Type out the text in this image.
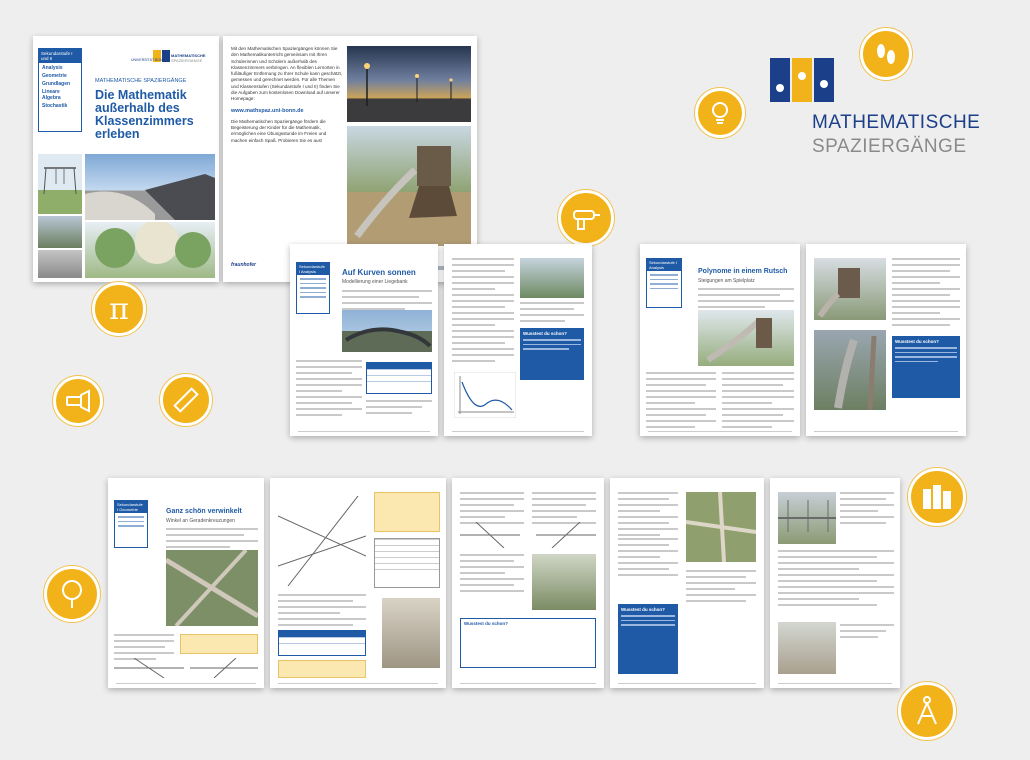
Sekundarstufe I und II
Analysis
Geometrie
Grundlagen
Lineare Algebra
Stochastik
UNIVERSITÄT BONN
MATHEMATISCHE
SPAZIERGÄNGE
MATHEMATISCHE SPAZIERGÄNGE
Die Mathematik
außerhalb des
Klassenzimmers
erleben
Mit den Mathematischen Spaziergängen können Sie den Mathematikunterricht gemeinsam mit Ihren Schülerinnen und Schülern außerhalb des Klassenzimmers verbringen. An flexiblen Lernorten in fußläufiger Entfernung zu Ihrer Schule kann geschätzt, gemessen und gerechnet werden. Für alle Themen und Klassenstufen (Sekundarstufe I und II) finden Sie die Aufgaben zum kostenlosen Download auf unserer Homepage:
www.mathspaz.uni-bonn.de
Die Mathematischen Spaziergänge fördern die Begeisterung der Kinder für die Mathematik, ermöglichen eine Übungsstunde im Freien und machen einfach Spaß. Probieren Sie es aus!
fraunhofer
MATHEMATISCHE
SPAZIERGÄNGE
π
Sekundarstufe I Analysis	Auf Kurven sonnen
Modellierung einer Liegebank
Wusstest du schon?
Sekundarstufe I Analysis
Polynome in einem Rutsch
Steigungen am Spielplatz
Wusstest du schon?
Sekundarstufe I Geometrie	Ganz schön verwinkelt
Winkel an Geradenkreuzungen
Wusstest du schon?
Wusstest du schon?
